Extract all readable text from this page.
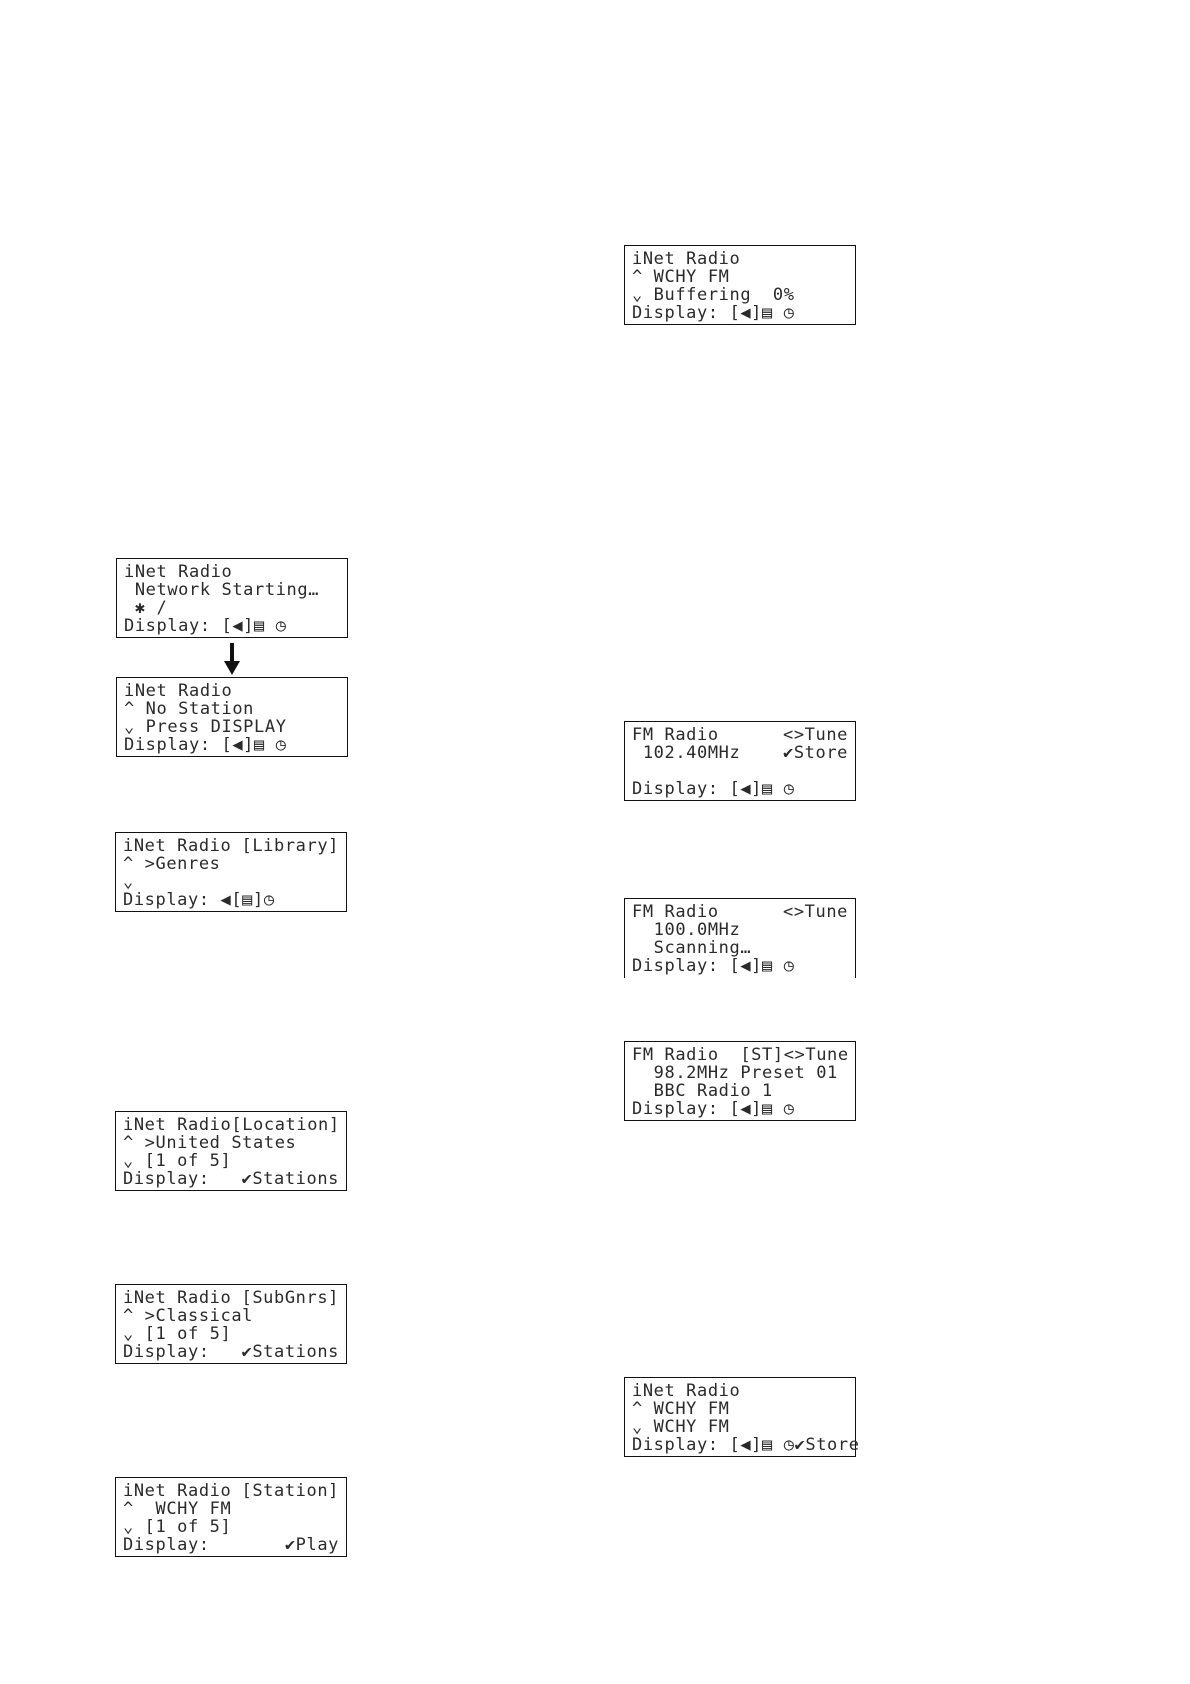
iNet Radio
Network Starting…
✱ /
Display: [◀]▤ ◷
iNet Radio
^ No Station
⌄ Press DISPLAY
Display: [◀]▤ ◷
iNet Radio [Library]
^ >Genres
⌄
Display: ◀[▤]◷
iNet Radio [Location]
^ >United States
⌄ [1 of 5]
Display: ✔Stations
iNet Radio [SubGnrs]
^ >Classical
⌄ [1 of 5]
Display: ✔Stations
iNet Radio [Station]
^  WCHY FM
⌄ [1 of 5]
Display:	✔Play
iNet Radio
^ WCHY FM
⌄ Buffering  0%
Display: [◀]▤ ◷
FM Radio	<>Tune
102.40MHz	✔Store
Display: [◀]▤ ◷
FM Radio	<>Tune
100.0MHz
Scanning…
Display: [◀]▤ ◷
FM Radio  [ST] <>Tune
98.2MHz Preset 01
BBC Radio 1
Display: [◀]▤ ◷
iNet Radio
^ WCHY FM
⌄ WCHY FM
Display: [◀]▤ ◷✔Store
